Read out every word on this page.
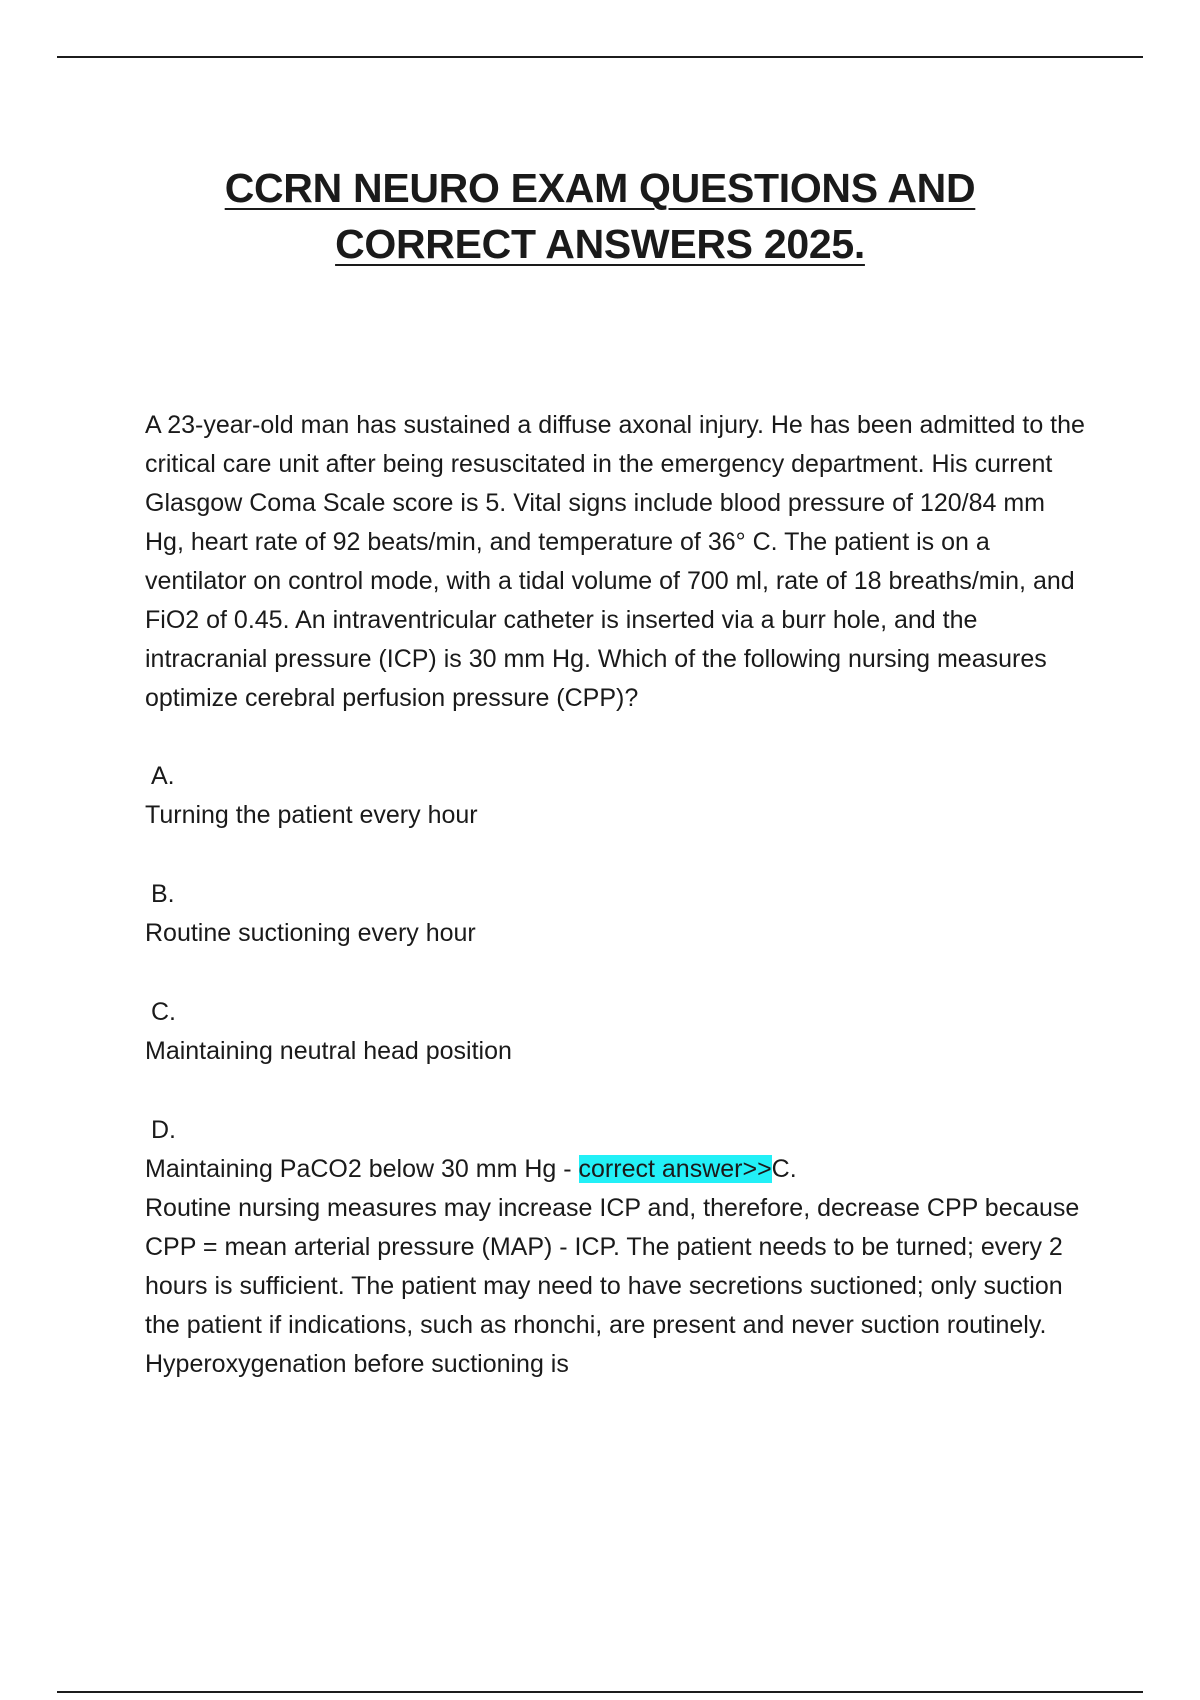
CCRN NEURO EXAM QUESTIONS AND
CORRECT ANSWERS 2025.

A 23-year-old man has sustained a diffuse axonal injury. He has been admitted to the critical care unit after being resuscitated in the emergency department. His current Glasgow Coma Scale score is 5. Vital signs include blood pressure of 120/84 mm Hg, heart rate of 92 beats/min, and temperature of 36° C. The patient is on a ventilator on control mode, with a tidal volume of 700 ml, rate of 18 breaths/min, and FiO2 of 0.45. An intraventricular catheter is inserted via a burr hole, and the intracranial pressure (ICP) is 30 mm Hg. Which of the following nursing measures optimize cerebral perfusion pressure (CPP)?

A.
Turning the patient every hour
B.
Routine suctioning every hour
C.
Maintaining neutral head position
D.
Maintaining PaCO2 below 30 mm Hg - correct answer>>C.

Routine nursing measures may increase ICP and, therefore, decrease CPP because CPP = mean arterial pressure (MAP) - ICP. The patient needs to be turned; every 2 hours is sufficient. The patient may need to have secretions suctioned; only suction the patient if indications, such as rhonchi, are present and never suction routinely. Hyperoxygenation before suctioning is
